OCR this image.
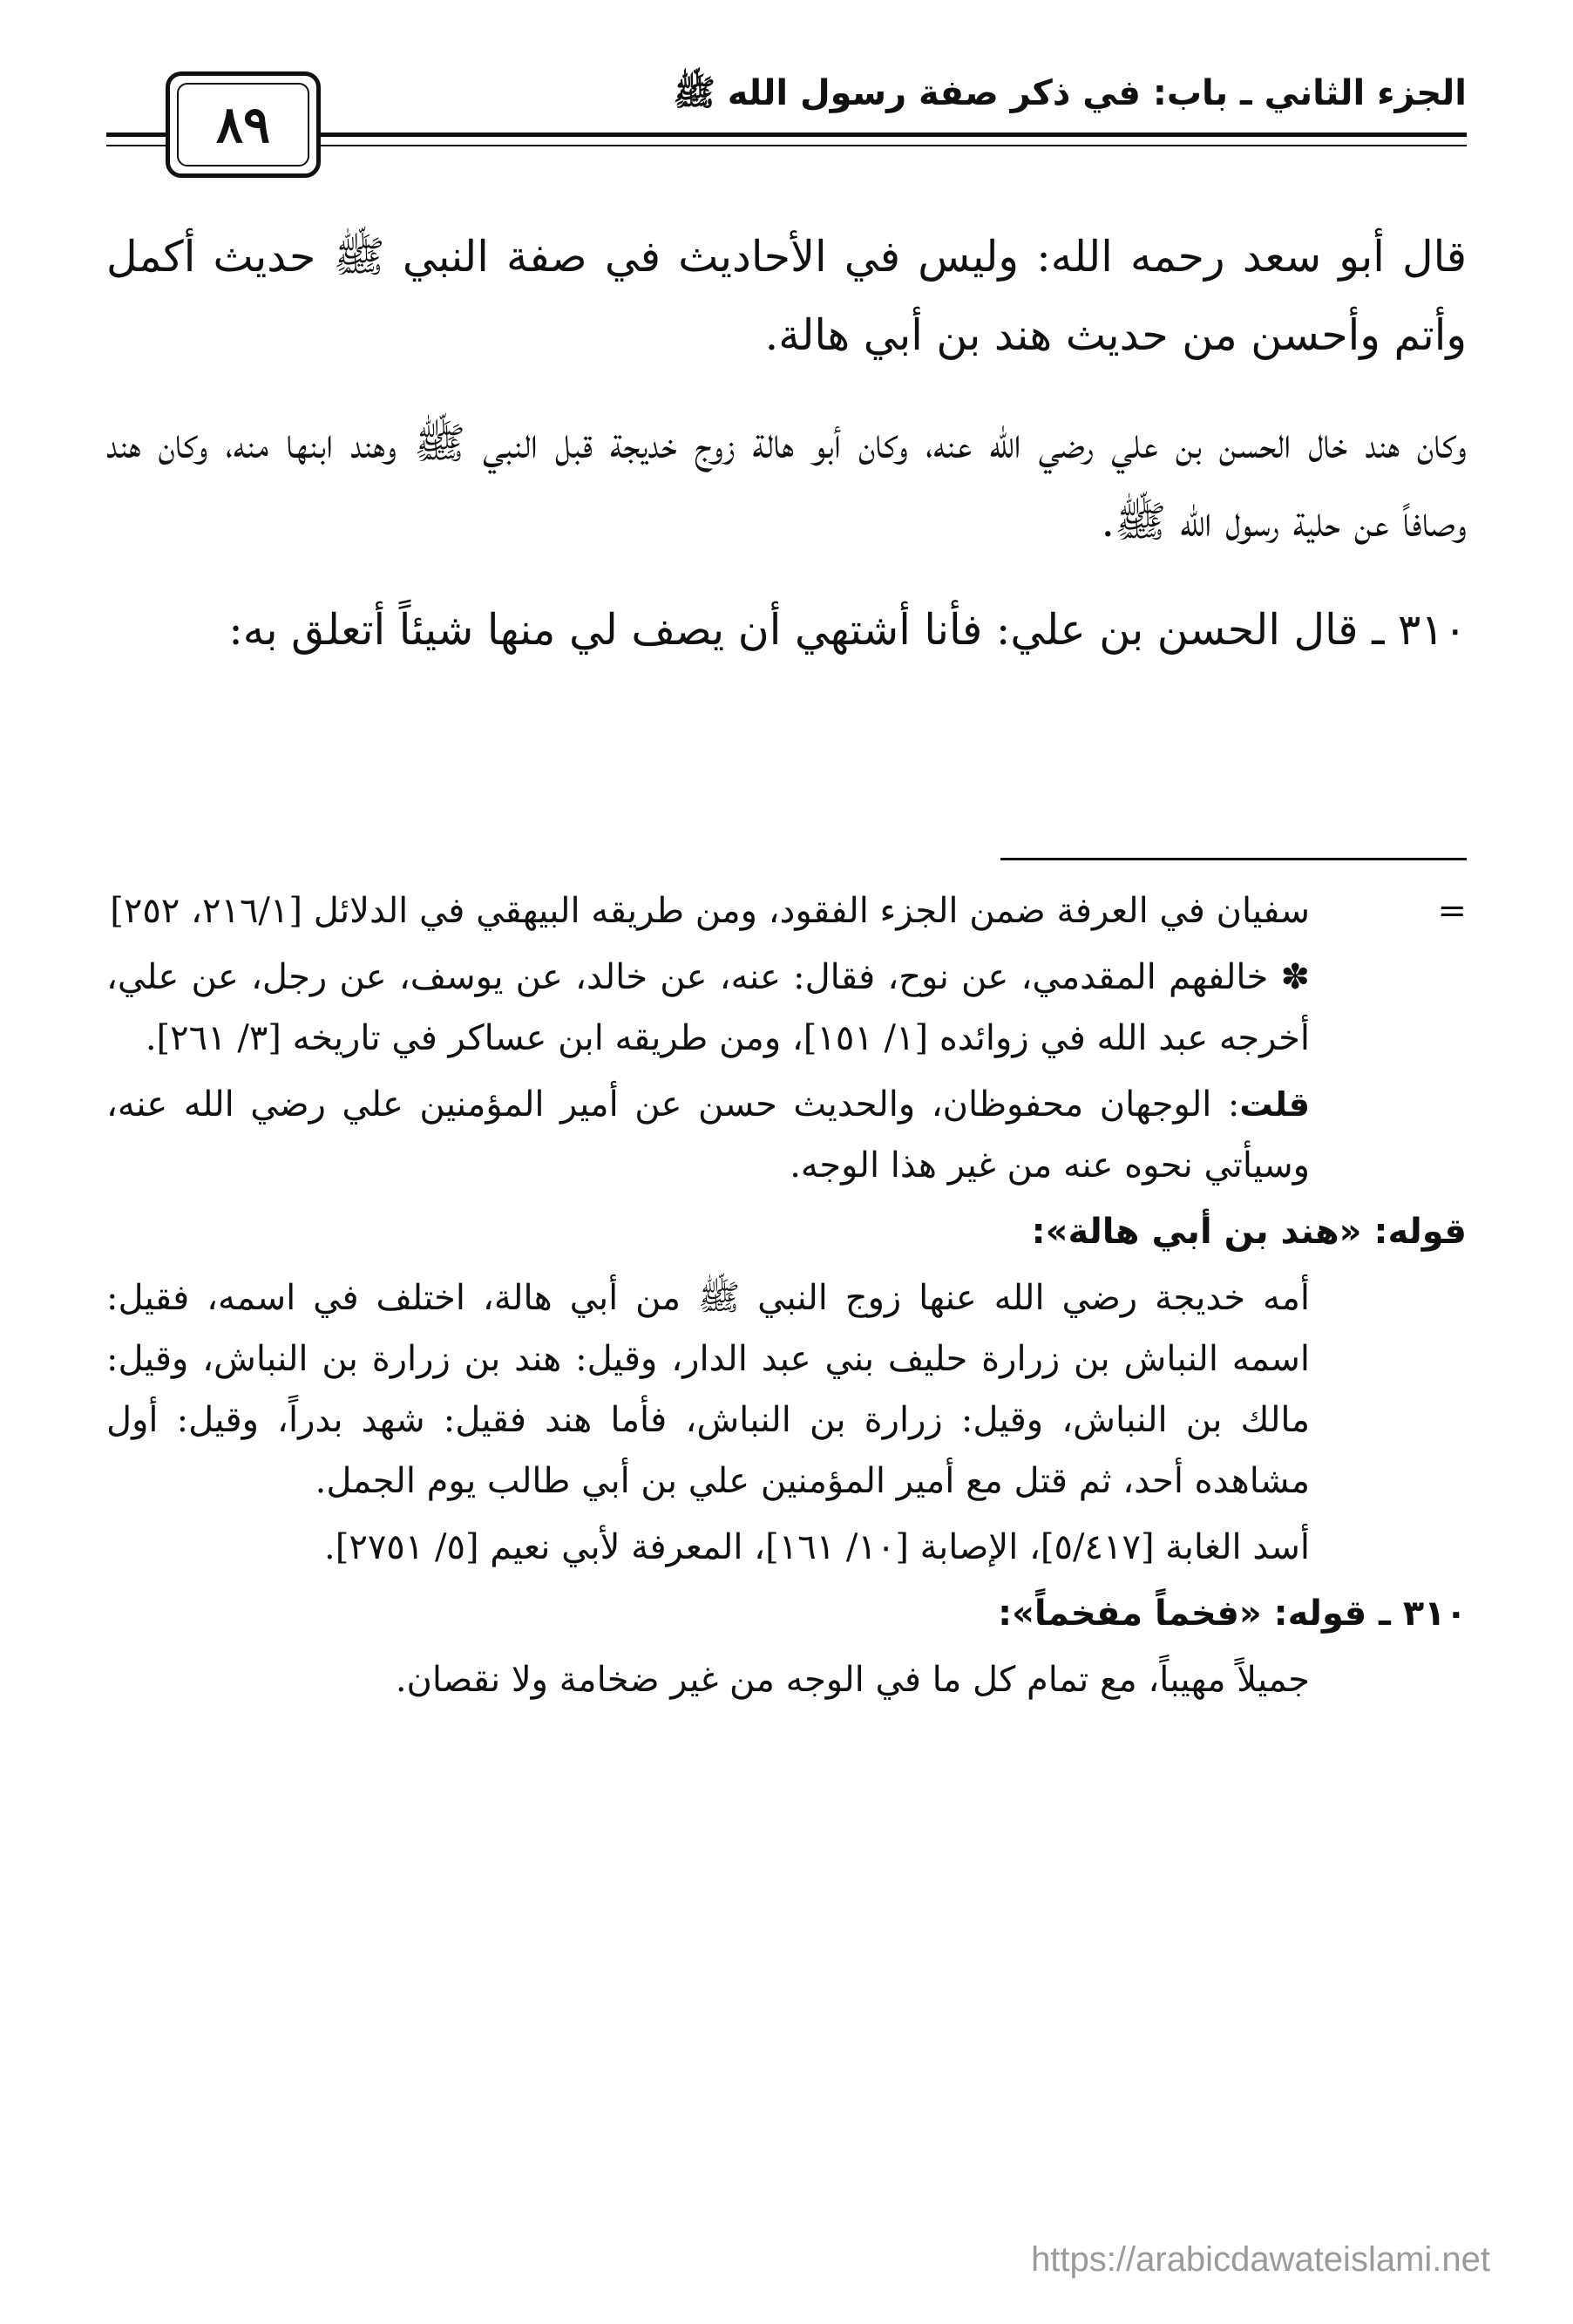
الجزء الثاني ـ باب: في ذكر صفة رسول الله ﷺ
٨٩

قال أبو سعد رحمه الله: وليس في الأحاديث في صفة النبي ﷺ حديث أكمل وأتم وأحسن من حديث هند بن أبي هالة.

وكان هند خال الحسن بن علي رضي الله عنه، وكان أبو هالة زوج خديجة قبل النبي ﷺ وهند ابنها منه، وكان هند وصافاً عن حلية رسول الله ﷺ.

٣١٠ ـ قال الحسن بن علي: فأنا أشتهي أن يصف لي منها شيئاً أتعلق به:

=

سفيان في العرفة ضمن الجزء الفقود، ومن طريقه البيهقي في الدلائل [٢١٦/١، ٢٥٢]

✽ خالفهم المقدمي، عن نوح، فقال: عنه، عن خالد، عن يوسف، عن رجل، عن علي، أخرجه عبد الله في زوائده [١/ ١٥١]، ومن طريقه ابن عساكر في تاريخه [٣/ ٢٦١].

قلت: الوجهان محفوظان، والحديث حسن عن أمير المؤمنين علي رضي الله عنه، وسيأتي نحوه عنه من غير هذا الوجه.

قوله: «هند بن أبي هالة»:

أمه خديجة رضي الله عنها زوج النبي ﷺ من أبي هالة، اختلف في اسمه، فقيل: اسمه النباش بن زرارة حليف بني عبد الدار، وقيل: هند بن زرارة بن النباش، وقيل: مالك بن النباش، وقيل: زرارة بن النباش، فأما هند فقيل: شهد بدراً، وقيل: أول مشاهده أحد، ثم قتل مع أمير المؤمنين علي بن أبي طالب يوم الجمل.

أسد الغابة [٥/٤١٧]، الإصابة [١٠/ ١٦١]، المعرفة لأبي نعيم [٥/ ٢٧٥١].

٣١٠ ـ قوله: «فخماً مفخماً»:

جميلاً مهيباً، مع تمام كل ما في الوجه من غير ضخامة ولا نقصان.

https://arabicdawateislami.net
